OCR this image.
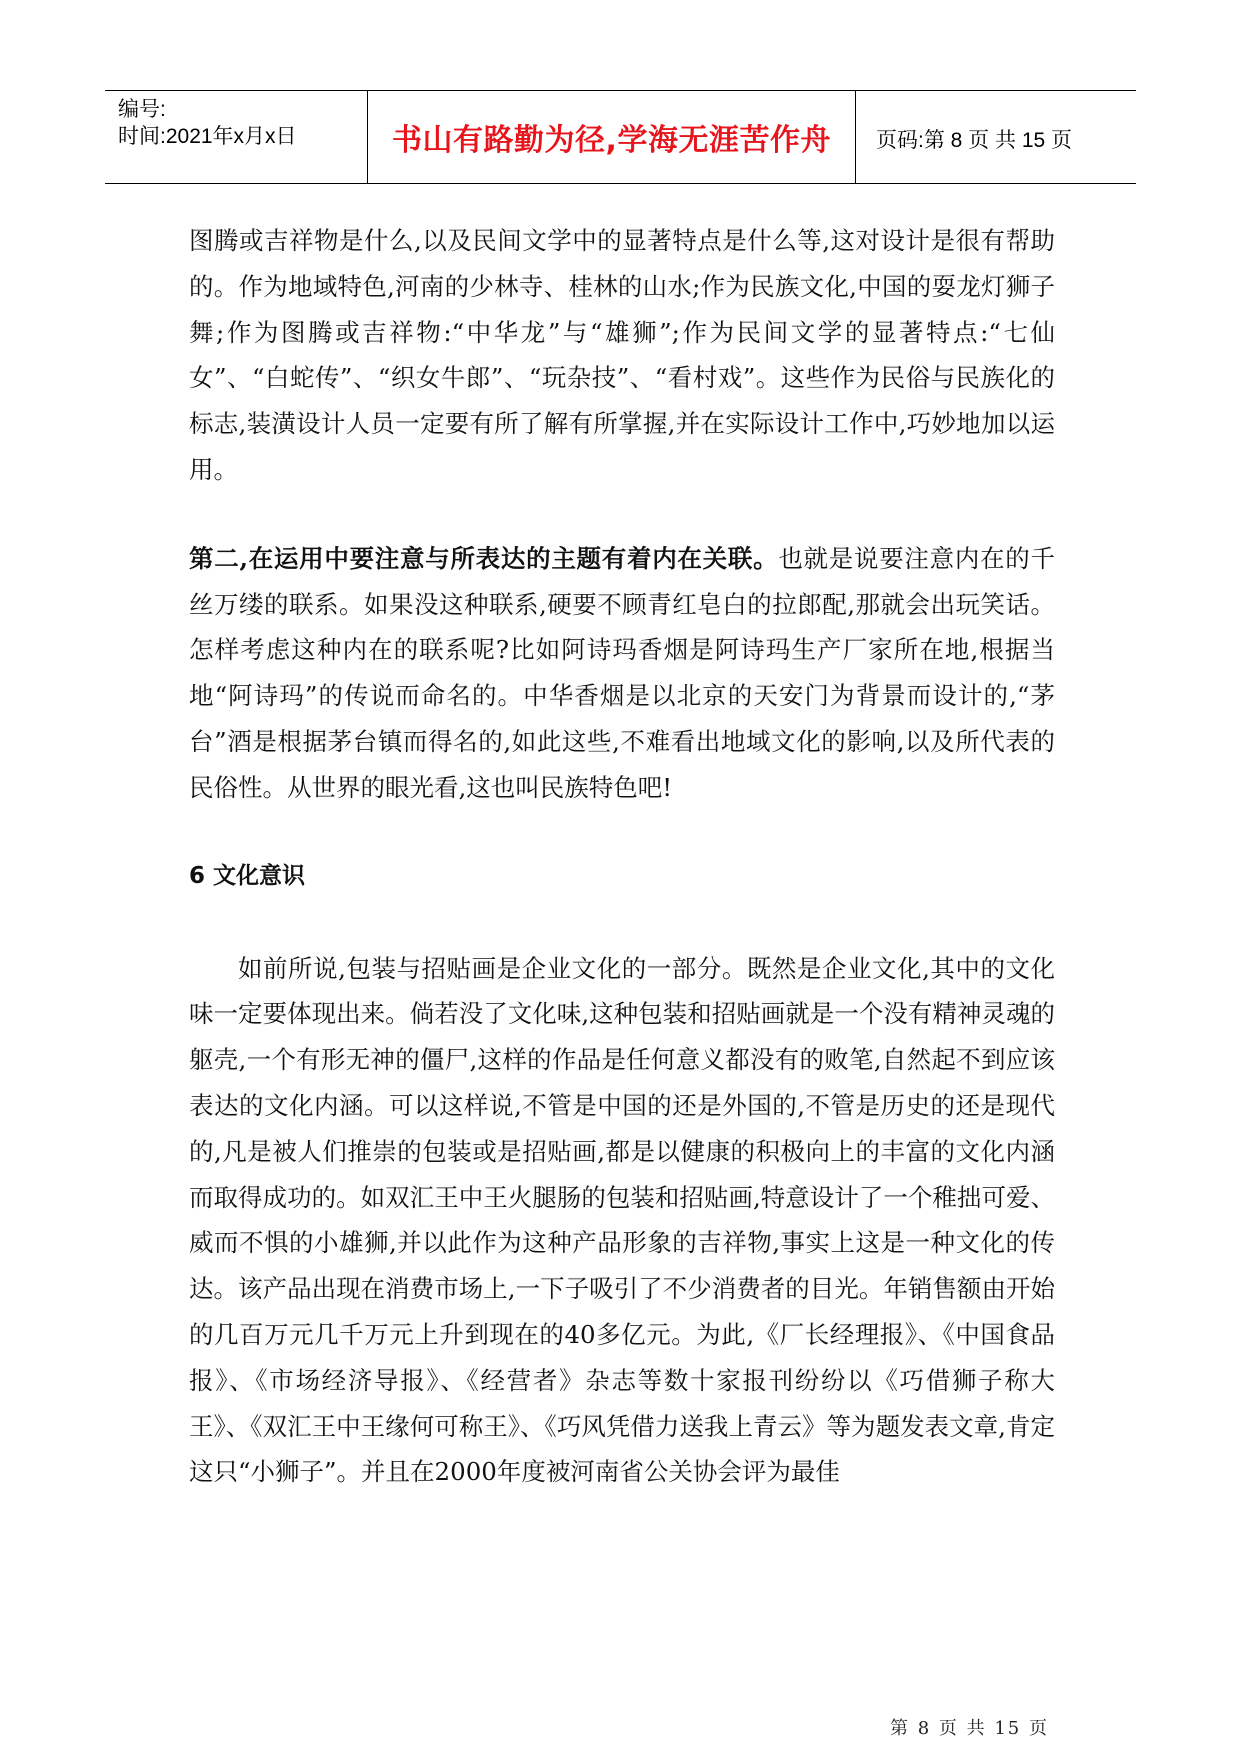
编号:
时间:2021年x月x日	书山有路勤为径,学海无涯苦作舟	页码:第 8 页 共 15 页

图腾或吉祥物是什么,以及民间文学中的显著特点是什么等,这对设计是很有帮助的。作为地域特色,河南的少林寺、桂林的山水;作为民族文化,中国的耍龙灯狮子舞;作为图腾或吉祥物:“中华龙”与“雄狮”;作为民间文学的显著特点:“七仙女”、“白蛇传”、“织女牛郎”、“玩杂技”、“看村戏”。这些作为民俗与民族化的标志,装潢设计人员一定要有所了解有所掌握,并在实际设计工作中,巧妙地加以运用。

第二,在运用中要注意与所表达的主题有着内在关联。也就是说要注意内在的千丝万缕的联系。如果没这种联系,硬要不顾青红皂白的拉郎配,那就会出玩笑话。怎样考虑这种内在的联系呢?比如阿诗玛香烟是阿诗玛生产厂家所在地,根据当地“阿诗玛”的传说而命名的。中华香烟是以北京的天安门为背景而设计的,“茅台”酒是根据茅台镇而得名的,如此这些,不难看出地域文化的影响,以及所代表的民俗性。从世界的眼光看,这也叫民族特色吧!

6 文化意识

如前所说,包装与招贴画是企业文化的一部分。既然是企业文化,其中的文化味一定要体现出来。倘若没了文化味,这种包装和招贴画就是一个没有精神灵魂的躯壳,一个有形无神的僵尸,这样的作品是任何意义都没有的败笔,自然起不到应该表达的文化内涵。可以这样说,不管是中国的还是外国的,不管是历史的还是现代的,凡是被人们推崇的包装或是招贴画,都是以健康的积极向上的丰富的文化内涵而取得成功的。如双汇王中王火腿肠的包装和招贴画,特意设计了一个稚拙可爱、威而不惧的小雄狮,并以此作为这种产品形象的吉祥物,事实上这是一种文化的传达。该产品出现在消费市场上,一下子吸引了不少消费者的目光。年销售额由开始的几百万元几千万元上升到现在的40多亿元。为此,《厂长经理报》、《中国食品报》、《市场经济导报》、《经营者》杂志等数十家报刊纷纷以《巧借狮子称大王》、《双汇王中王缘何可称王》、《巧风凭借力送我上青云》等为题发表文章,肯定这只“小狮子”。并且在2000年度被河南省公关协会评为最佳

第 8 页 共 15 页
